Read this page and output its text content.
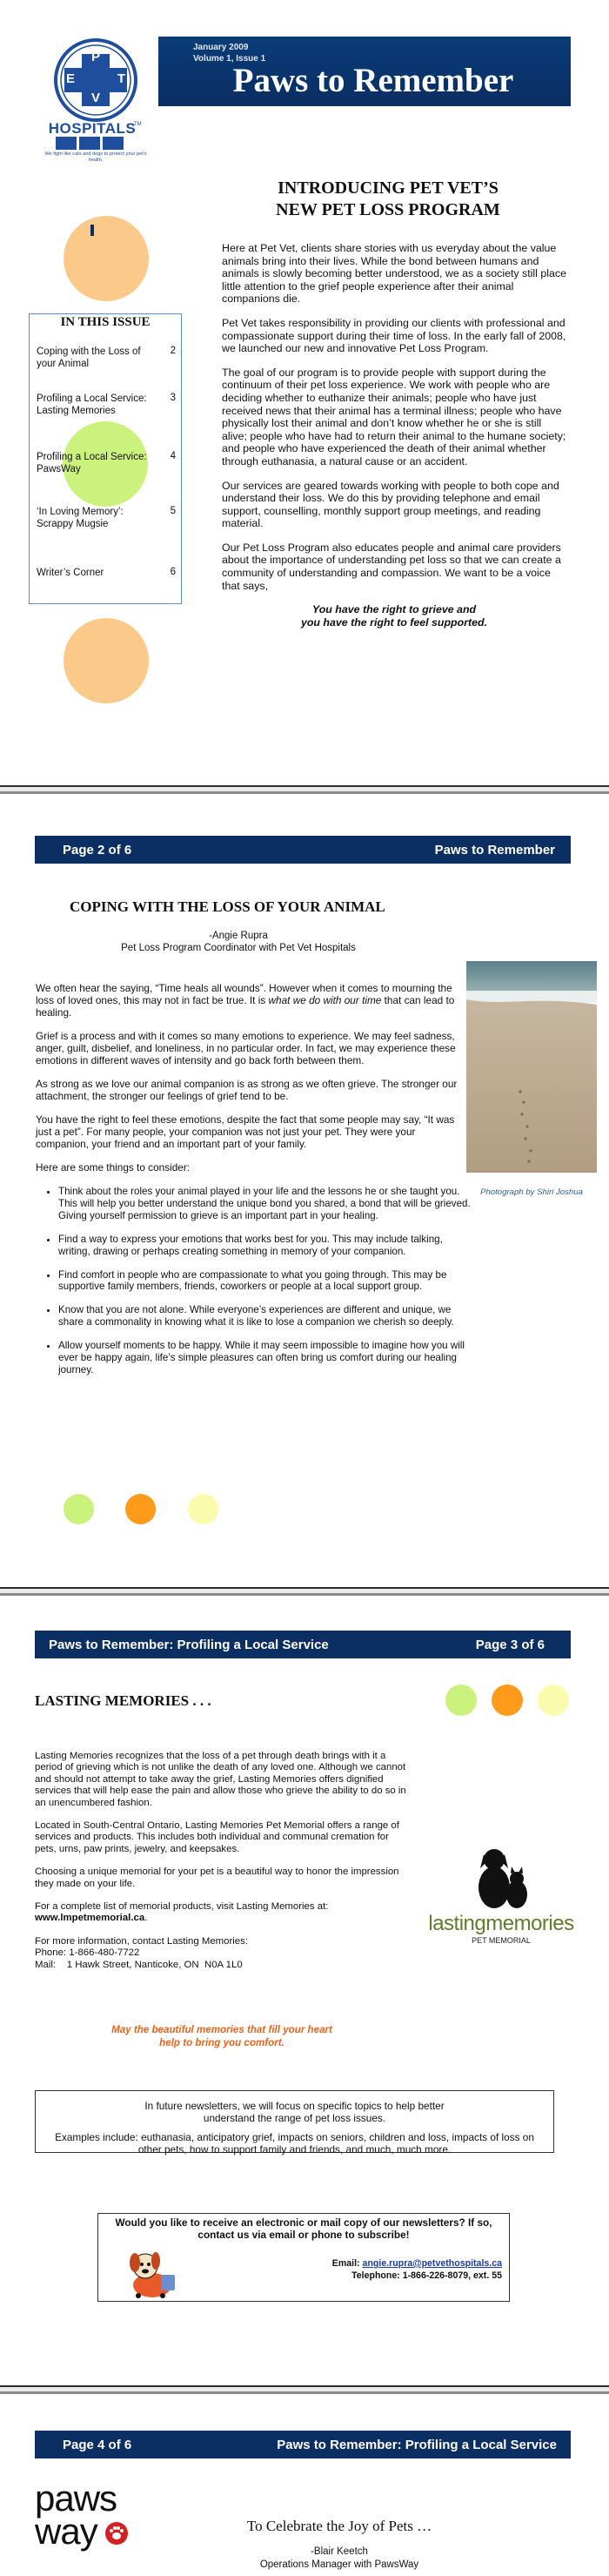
P
E	T
V
HOSPITALS
TM
We fight like cats and dogs to protect your pet's health.
January 2009
Volume 1, Issue 1
Paws to Remember
IN THIS ISSUE
Coping with the Loss of your Animal
2
Profiling a Local Service: Lasting Memories
3
Profiling a Local Service: PawsWay
4
‘In Loving Memory’: Scrappy Mugsie
5
Writer’s Corner	6
INTRODUCING PET VET’S
NEW PET LOSS PROGRAM

Here at Pet Vet, clients share stories with us everyday about the value animals bring into their lives. While the bond between humans and animals is slowly becoming better understood, we as a society still place little attention to the grief people experience after their animal companions die.

Pet Vet takes responsibility in providing our clients with professional and compassionate support during their time of loss. In the early fall of 2008, we launched our new and innovative Pet Loss Program.

The goal of our program is to provide people with support during the continuum of their pet loss experience. We work with people who are deciding whether to euthanize their animals; people who have just received news that their animal has a terminal illness; people who have physically lost their animal and don’t know whether he or she is still alive; people who have had to return their animal to the humane society; and people who have experienced the death of their animal whether through euthanasia, a natural cause or an accident.

Our services are geared towards working with people to both cope and understand their loss. We do this by providing telephone and email support, counselling, monthly support group meetings, and reading material.

Our Pet Loss Program also educates people and animal care providers about the importance of understanding pet loss so that we can create a community of understanding and compassion. We want to be a voice that says,

You have the right to grieve and
you have the right to feel supported.
Page 2 of 6	Paws to Remember
COPING WITH THE LOSS OF YOUR ANIMAL
-Angie Rupra
Pet Loss Program Coordinator with Pet Vet Hospitals

We often hear the saying, “Time heals all wounds”. However when it comes to mourning the loss of loved ones, this may not in fact be true. It is what we do with our time that can lead to healing.

Grief is a process and with it comes so many emotions to experience. We may feel sadness, anger, guilt, disbelief, and loneliness, in no particular order. In fact, we may experience these emotions in different waves of intensity and go back forth between them.

As strong as we love our animal companion is as strong as we often grieve. The stronger our attachment, the stronger our feelings of grief tend to be.

You have the right to feel these emotions, despite the fact that some people may say, “It was just a pet”. For many people, your companion was not just your pet. They were your companion, your friend and an important part of your family.

Here are some things to consider:

• Think about the roles your animal played in your life and the lessons he or she taught you. This will help you better understand the unique bond you shared, a bond that will be grieved. Giving yourself permission to grieve is an important part in your healing.
• Find a way to express your emotions that works best for you. This may include talking, writing, drawing or perhaps creating something in memory of your companion.
• Find comfort in people who are compassionate to what you going through. This may be supportive family members, friends, coworkers or people at a local support group.
• Know that you are not alone. While everyone’s experiences are different and unique, we share a commonality in knowing what it is like to lose a companion we cherish so deeply.
• Allow yourself moments to be happy. While it may seem impossible to imagine how you will ever be happy again, life’s simple pleasures can often bring us comfort during our healing journey.
Photograph by Shiri Joshua
Paws to Remember: Profiling a Local Service	Page 3 of 6
LASTING MEMORIES . . .

Lasting Memories recognizes that the loss of a pet through death brings with it a period of grieving which is not unlike the death of any loved one. Although we cannot and should not attempt to take away the grief, Lasting Memories offers dignified services that will help ease the pain and allow those who grieve the ability to do so in an unencumbered fashion.

Located in South-Central Ontario, Lasting Memories Pet Memorial offers a range of services and products. This includes both individual and communal cremation for pets, urns, paw prints, jewelry, and keepsakes.

Choosing a unique memorial for your pet is a beautiful way to honor the impression they made on your life.

For a complete list of memorial products, visit Lasting Memories at:

www.lmpetmemorial.ca.

For more information, contact Lasting Memories:

Phone: 1-866-480-7722

Mail:    1 Hawk Street, Nanticoke, ON  N0A 1L0

May the beautiful memories that fill your heart
help to bring you comfort.
lastingmemories
PET MEMORIAL

In future newsletters, we will focus on specific topics to help better understand the range of pet loss issues.

Examples include: euthanasia, anticipatory grief, impacts on seniors, children and loss, impacts of loss on other pets, how to support family and friends, and much, much more.

Would you like to receive an electronic or mail copy of our newsletters? If so, contact us via email or phone to subscribe!

Email: angie.rupra@petvethospitals.ca
Telephone: 1-866-226-8079, ext. 55
Page 4 of 6	Paws to Remember: Profiling a Local Service
paws
way	To Celebrate the Joy of Pets …
-Blair Keetch
Operations Manager with PawsWay
